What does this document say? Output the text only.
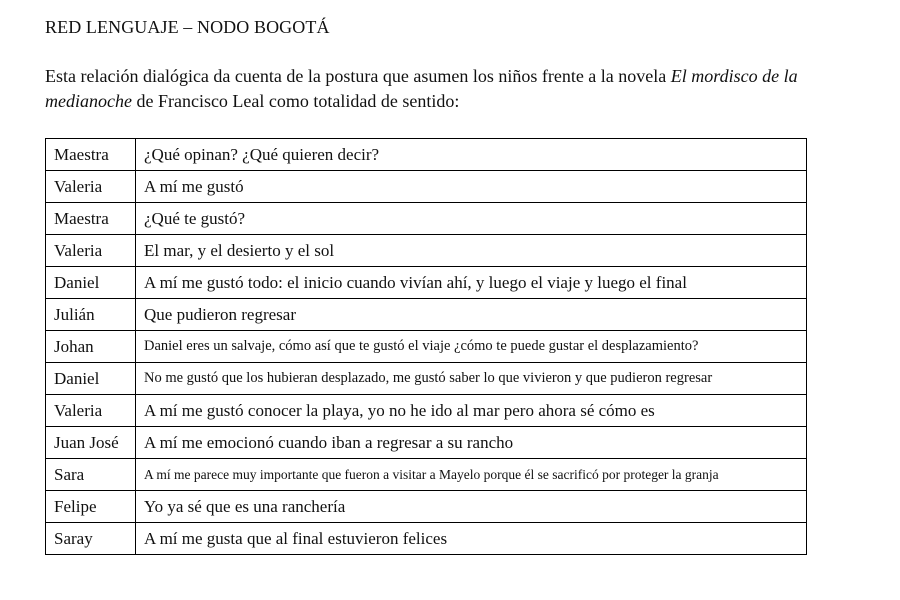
RED LENGUAJE – NODO BOGOTÁ

Esta relación dialógica da cuenta de la postura que asumen los niños frente a la novela El mordisco de la medianoche de Francisco Leal como totalidad de sentido:

Maestra	¿Qué opinan? ¿Qué quieren decir?
Valeria	A mí me gustó
Maestra	¿Qué te gustó?
Valeria	El mar, y el desierto y el sol
Daniel	A mí me gustó todo: el inicio cuando vivían ahí, y luego el viaje y luego el final
Julián	Que pudieron regresar
Johan	Daniel eres un salvaje, cómo así que te gustó el viaje ¿cómo te puede gustar el desplazamiento?
Daniel	No me gustó que los hubieran desplazado, me gustó saber lo que vivieron y que pudieron regresar
Valeria	A mí me gustó conocer la playa, yo no he ido al mar pero ahora sé cómo es
Juan José	A mí me emocionó cuando iban a regresar a su rancho
Sara	A mí me parece muy importante que fueron a visitar a Mayelo porque él se sacrificó por proteger la granja
Felipe	Yo ya sé que es una ranchería
Saray	A mí me gusta que al final estuvieron felices
